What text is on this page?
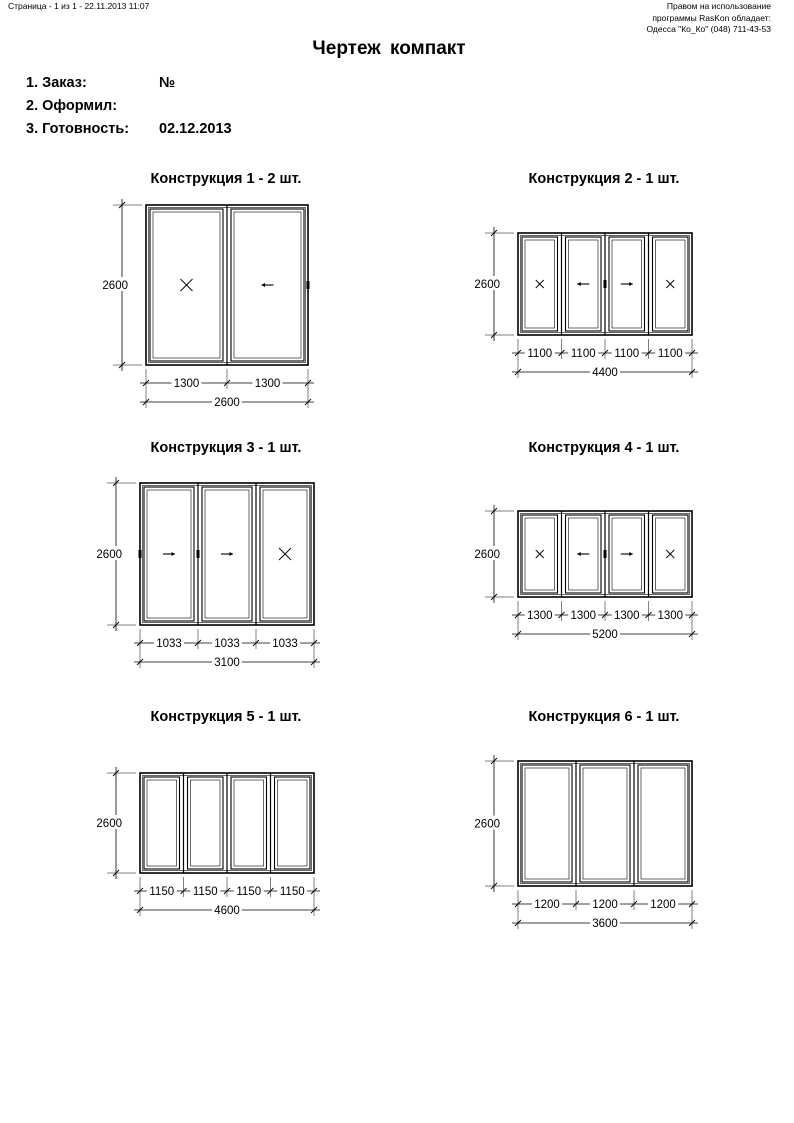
Страница - 1 из 1 - 22.11.2013 11:07	Правом на использование
программы RasKon обладает:
Одесса "Ко_Ко" (048) 711-43-53
Чертеж компакт
1. Заказ:	№
2. Оформил:
3. Готовность: 02.12.2013
Конструкция 1 - 2 шт.
2600
1300	1300
2600
Конструкция 2 - 1 шт.
2600
1100 1100 1100 1100
4400
Конструкция 3 - 1 шт.
2600
1033	1033	1033
3100
Конструкция 4 - 1 шт.
2600
1300 1300 1300 1300
5200
Конструкция 5 - 1 шт.
2600
1150 1150 1150 1150
4600
Конструкция 6 - 1 шт.
2600
1200	1200	1200
3600
